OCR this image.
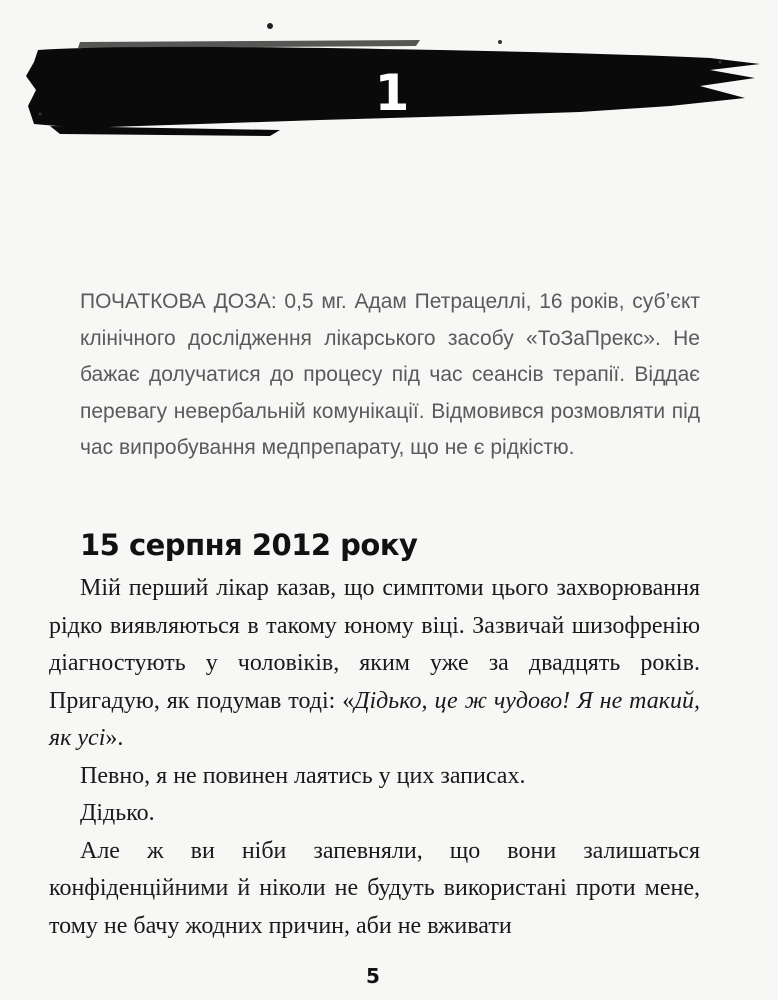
1
ПОЧАТКОВА ДОЗА: 0,5 мг. Адам Петрацеллі, 16 років, суб’єкт клінічного дослідження лікарського засобу «ТоЗаПрекс». Не бажає долучатися до процесу під час сеансів терапії. Віддає перевагу невербальній комунікації. Відмовився розмовляти під час випробування медпрепарату, що не є рідкістю.
15 серпня 2012 року

Мій перший лікар казав, що симптоми цього захворювання рідко виявляються в такому юному віці. Зазвичай шизофренію діагностують у чоловіків, яким уже за двадцять років. Пригадую, як подумав тоді: «Дідько, це ж чудово! Я не такий, як усі».

Певно, я не повинен лаятись у цих записах.

Дідько.

Але ж ви ніби запевняли, що вони залишаться конфіденційними й ніколи не будуть використані проти мене, тому не бачу жодних причин, аби не вживати

5
